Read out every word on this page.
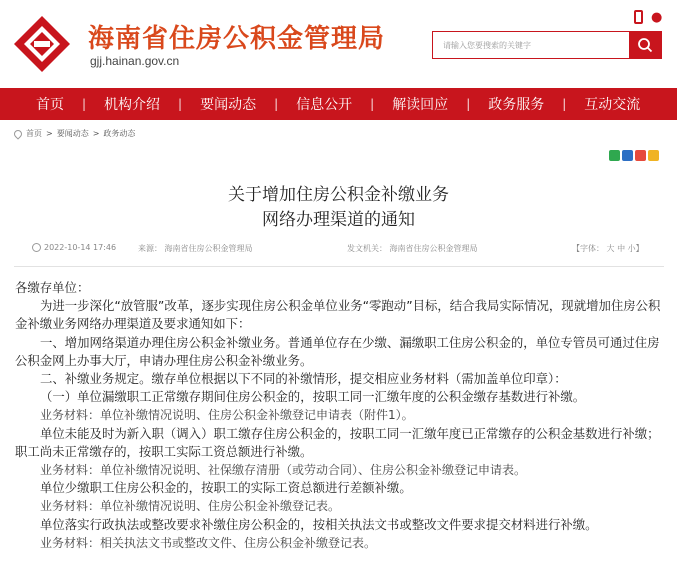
海南省住房公积金管理局
gjj.hainan.gov.cn
●
请输入您要搜索的关键字
首页	|	机构介绍	|	要闻动态	|	信息公开	|	解读回应	|	政务服务	|	互动交流
首页 > 要闻动态 > 政务动态
关于增加住房公积金补缴业务
网络办理渠道的通知
2022-10-14 17:46	来源： 海南省住房公积金管理局	发文机关： 海南省住房公积金管理局	【字体： 大 中 小】

各缴存单位：

为进一步深化“放管服”改革，逐步实现住房公积金单位业务“零跑动”目标，结合我局实际情况，现就增加住房公积金补缴业务网络办理渠道及要求通知如下：

一、增加网络渠道办理住房公积金补缴业务。普通单位存在少缴、漏缴职工住房公积金的，单位专管员可通过住房公积金网上办事大厅，申请办理住房公积金补缴业务。

二、补缴业务规定。缴存单位根据以下不同的补缴情形，提交相应业务材料（需加盖单位印章）：

（一）单位漏缴职工正常缴存期间住房公积金的，按职工同一汇缴年度的公积金缴存基数进行补缴。

业务材料：单位补缴情况说明、住房公积金补缴登记申请表（附件1）。

单位未能及时为新入职（调入）职工缴存住房公积金的，按职工同一汇缴年度已正常缴存的公积金基数进行补缴；职工尚未正常缴存的，按职工实际工资总额进行补缴。

业务材料：单位补缴情况说明、社保缴存清册（或劳动合同）、住房公积金补缴登记申请表。

单位少缴职工住房公积金的，按职工的实际工资总额进行差额补缴。

业务材料：单位补缴情况说明、住房公积金补缴登记表。

单位落实行政执法或整改要求补缴住房公积金的，按相关执法文书或整改文件要求提交材料进行补缴。

业务材料：相关执法文书或整改文件、住房公积金补缴登记表。
